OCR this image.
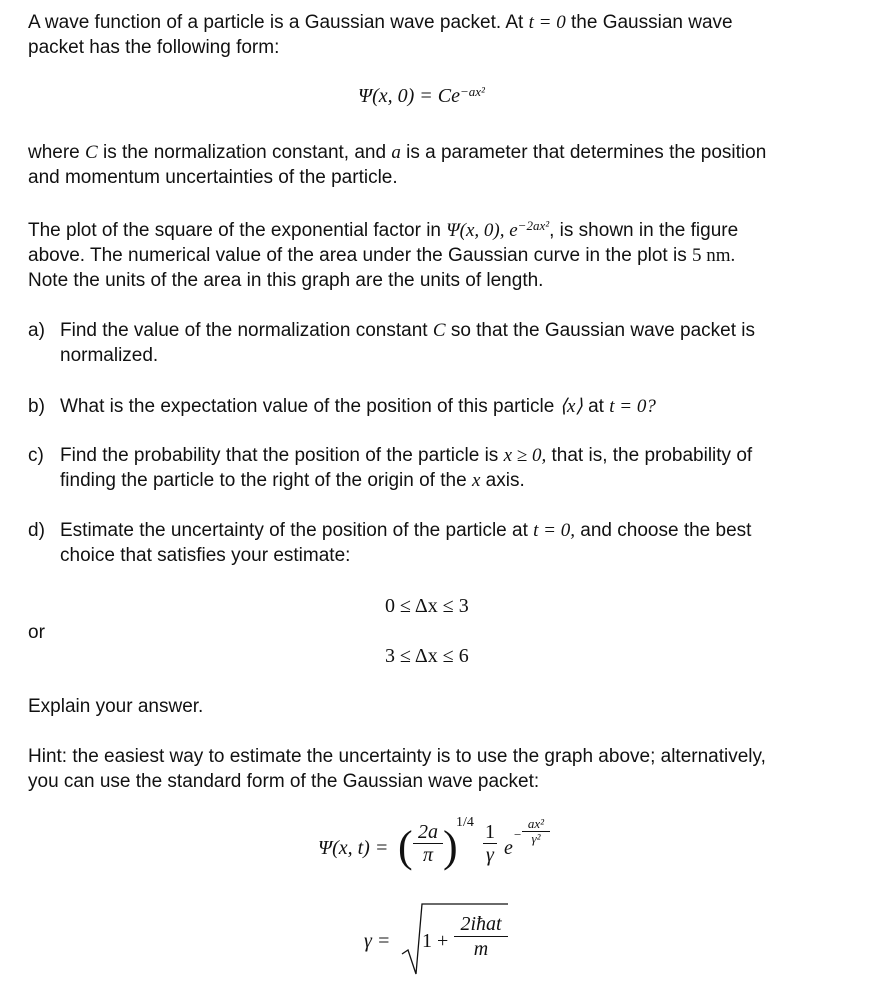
A wave function of a particle is a Gaussian wave packet. At t = 0 the Gaussian wave
packet has the following form:
Ψ(x, $0) = Ce^{-ax^2}$
where C is the normalization constant, and a is a parameter that determines the position
and momentum uncertainties of the particle.
The plot of the square of the exponential factor in Ψ(x, 0), $e^{-2ax^2}$, is shown in the figure
above. The numerical value of the area under the Gaussian curve in the plot is 5 nm.
Note the units of the area in this graph are the units of length.
a) Find the value of the normalization constant C so that the Gaussian wave packet is
normalized.
b) What is the expectation value of the position of this particle ⟨x⟩ at t = 0?
c) Find the probability that the position of the particle is x ≥ 0, that is, the probability of
finding the particle to the right of the origin of the x axis.
d) Estimate the uncertainty of the position of the particle at t = 0, and choose the best
choice that satisfies your estimate:
0 ≤ Δx ≤ 3
or
3 ≤ Δx ≤ 6
Explain your answer.
Hint: the easiest way to estimate the uncertainty is to use the graph above; alternatively,
you can use the standard form of the Gaussian wave packet:
Ψ(x, t) = ( 2a
π )
1/4 1
γ e
−
ax²
γ²
γ = 1 +
2iħat
m
